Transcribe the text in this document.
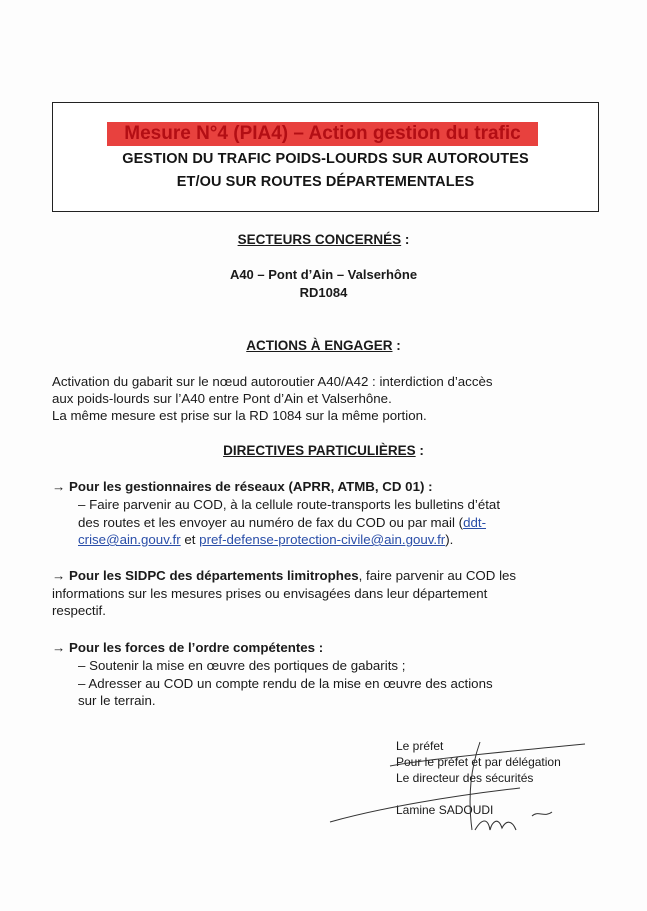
Mesure N°4 (PIA4) – Action gestion du trafic
GESTION DU TRAFIC POIDS-LOURDS SUR AUTOROUTES
ET/OU SUR ROUTES DÉPARTEMENTALES
SECTEURS CONCERNÉS :
A40 – Pont d’Ain – Valserhône
RD1084
ACTIONS À ENGAGER :
Activation du gabarit sur le nœud autoroutier A40/A42 : interdiction d’accès
aux poids-lourds sur l’A40 entre Pont d’Ain et Valserhône.
La même mesure est prise sur la RD 1084 sur la même portion.
DIRECTIVES PARTICULIÈRES :
→ Pour les gestionnaires de réseaux (APRR, ATMB, CD 01) :
– Faire parvenir au COD, à la cellule route-transports les bulletins d’état
des routes et les envoyer au numéro de fax du COD ou par mail (ddt-
crise@ain.gouv.fr et pref-defense-protection-civile@ain.gouv.fr).
→ Pour les SIDPC des départements limitrophes, faire parvenir au COD les
informations sur les mesures prises ou envisagées dans leur département
respectif.
→ Pour les forces de l’ordre compétentes :
– Soutenir la mise en œuvre des portiques de gabarits ;
– Adresser au COD un compte rendu de la mise en œuvre des actions
sur le terrain.
Le préfet
Pour le préfet et par délégation
Le directeur des sécurités
Lamine SADOUDI
